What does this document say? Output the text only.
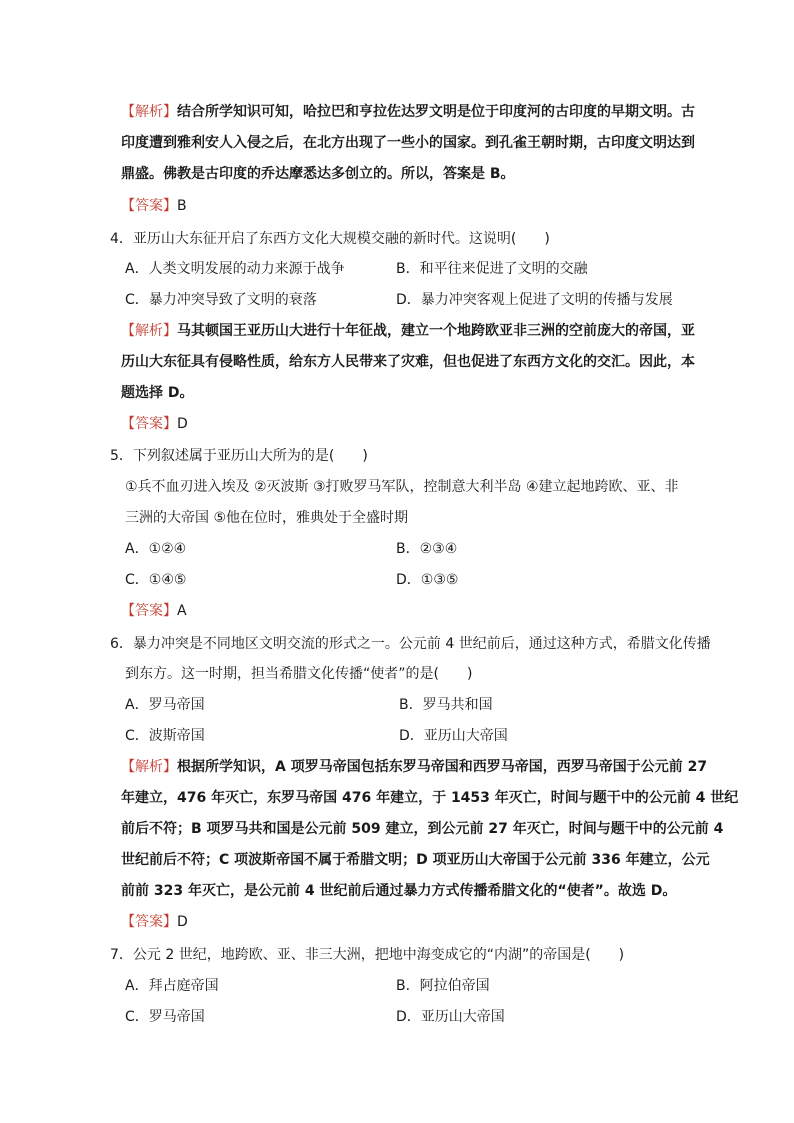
【解析】结合所学知识可知，哈拉巴和亨拉佐达罗文明是位于印度河的古印度的早期文明。古
印度遭到雅利安人入侵之后，在北方出现了一些小的国家。到孔雀王朝时期，古印度文明达到
鼎盛。佛教是古印度的乔达摩悉达多创立的。所以，答案是 B。
【答案】B
4．亚历山大东征开启了东西方文化大规模交融的新时代。这说明(　　)
A．人类文明发展的动力来源于战争	B．和平往来促进了文明的交融
C．暴力冲突导致了文明的衰落	D．暴力冲突客观上促进了文明的传播与发展
【解析】马其顿国王亚历山大进行十年征战，建立一个地跨欧亚非三洲的空前庞大的帝国，亚
历山大东征具有侵略性质，给东方人民带来了灾难，但也促进了东西方文化的交汇。因此，本
题选择 D。
【答案】D
5．下列叙述属于亚历山大所为的是(　　)
①兵不血刃进入埃及 ②灭波斯 ③打败罗马军队，控制意大利半岛 ④建立起地跨欧、亚、非
三洲的大帝国 ⑤他在位时，雅典处于全盛时期
A．①②④	B．②③④
C．①④⑤	D．①③⑤
【答案】A
6．暴力冲突是不同地区文明交流的形式之一。公元前 4 世纪前后，通过这种方式，希腊文化传播
到东方。这一时期，担当希腊文化传播“使者”的是(　　)
A．罗马帝国	B．罗马共和国
C．波斯帝国	D．亚历山大帝国
【解析】根据所学知识，A 项罗马帝国包括东罗马帝国和西罗马帝国，西罗马帝国于公元前 27
年建立，476 年灭亡，东罗马帝国 476 年建立，于 1453 年灭亡，时间与题干中的公元前 4 世纪
前后不符；B 项罗马共和国是公元前 509 建立，到公元前 27 年灭亡，时间与题干中的公元前 4
世纪前后不符；C 项波斯帝国不属于希腊文明；D 项亚历山大帝国于公元前 336 年建立，公元
前前 323 年灭亡，是公元前 4 世纪前后通过暴力方式传播希腊文化的“使者”。故选 D。
【答案】D
7．公元 2 世纪，地跨欧、亚、非三大洲，把地中海变成它的“内湖”的帝国是(　　)
A．拜占庭帝国	B．阿拉伯帝国
C．罗马帝国	D．亚历山大帝国
